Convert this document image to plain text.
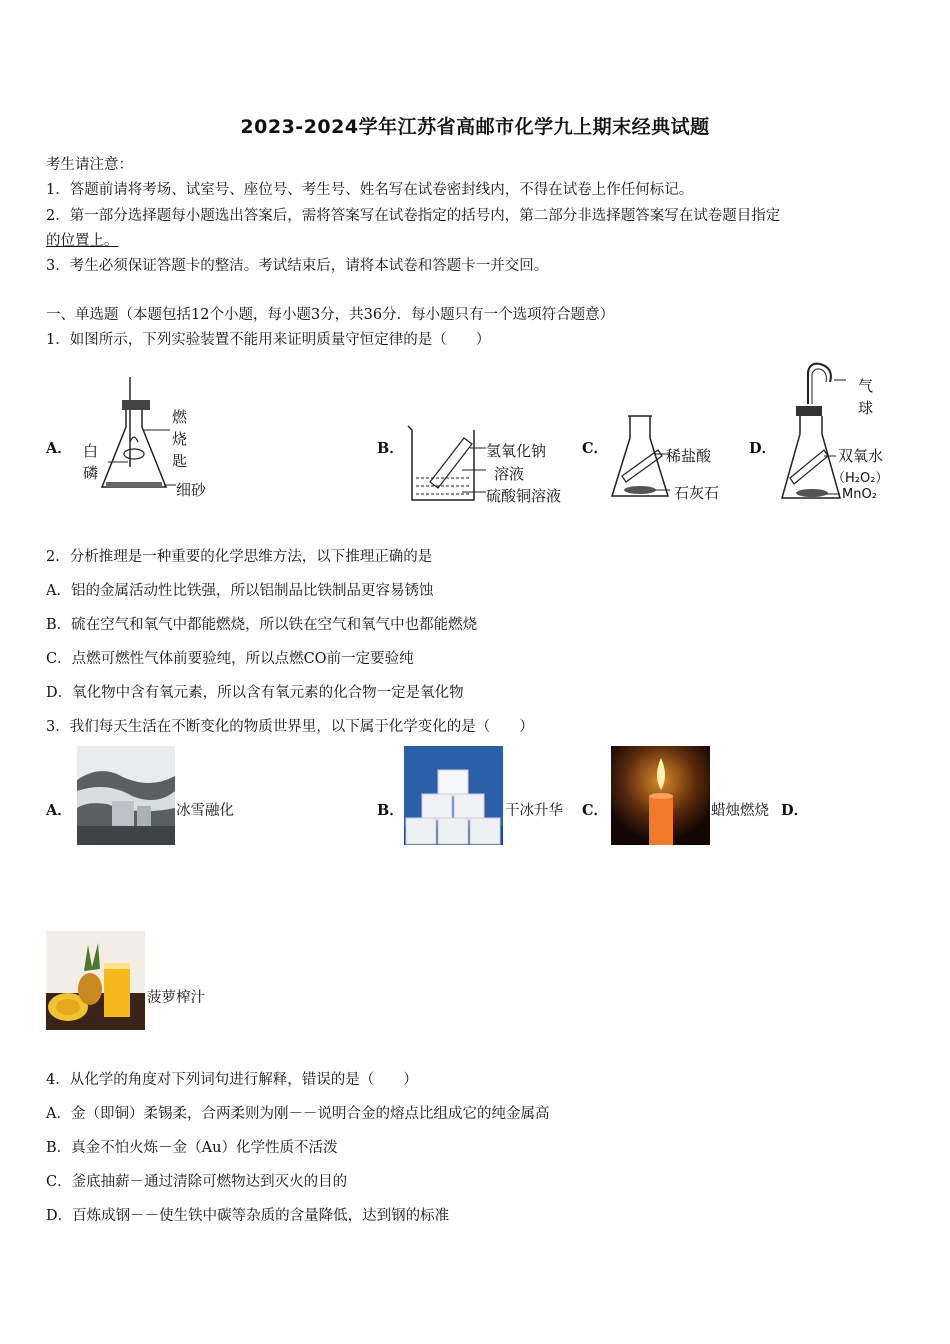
2023-2024学年江苏省高邮市化学九上期末经典试题
考生请注意：
1．答题前请将考场、试室号、座位号、考生号、姓名写在试卷密封线内，不得在试卷上作任何标记。
2．第一部分选择题每小题选出答案后，需将答案写在试卷指定的括号内，第二部分非选择题答案写在试卷题目指定
的位置上。
3．考生必须保证答题卡的整洁。考试结束后，请将本试卷和答题卡一并交回。
一、单选题（本题包括12个小题，每小题3分，共36分．每小题只有一个选项符合题意）
1．如图所示，下列实验装置不能用来证明质量守恒定律的是（　　）
A． 白
磷
燃
烧
匙
细砂
B．	氢氧化钠
溶液
硫酸铜溶液
C．	稀盐酸
石灰石
D．
气
球
双氧水
（H₂O₂）
MnO₂
2．分析推理是一种重要的化学思维方法，以下推理正确的是
A．铝的金属活动性比铁强，所以铝制品比铁制品更容易锈蚀
B．硫在空气和氧气中都能燃烧，所以铁在空气和氧气中也都能燃烧
C．点燃可燃性气体前要验纯，所以点燃CO前一定要验纯
D．氧化物中含有氧元素，所以含有氧元素的化合物一定是氧化物
3．我们每天生活在不断变化的物质世界里，以下属于化学变化的是（　　）
A．	冰雪融化	B．	干冰升华 C．	蜡烛燃烧 D．
菠萝榨汁
4．从化学的角度对下列词句进行解释，错误的是（　　）
A．金（即铜）柔锡柔，合两柔则为刚－－说明合金的熔点比组成它的纯金属高
B．真金不怕火炼－金（Au）化学性质不活泼
C．釜底抽薪－通过清除可燃物达到灭火的目的
D．百炼成钢－－使生铁中碳等杂质的含量降低，达到钢的标准
